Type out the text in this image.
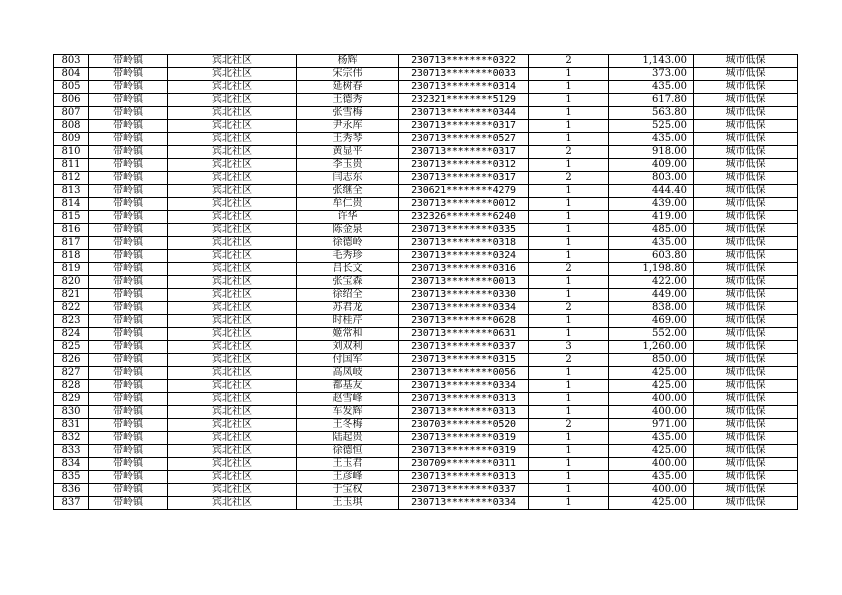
803	带岭镇	宾北社区	杨辉	230713********0322	2	1,143.00	城市低保
804	带岭镇	宾北社区	宋宗伟	230713********0033	1	373.00	城市低保
805	带岭镇	宾北社区	延树春	230713********0314	1	435.00	城市低保
806	带岭镇	宾北社区	王德秀	232321********5129	1	617.80	城市低保
807	带岭镇	宾北社区	张雪梅	230713********0344	1	563.80	城市低保
808	带岭镇	宾北社区	尹永库	230713********0317	1	525.00	城市低保
809	带岭镇	宾北社区	王秀琴	230713********0527	1	435.00	城市低保
810	带岭镇	宾北社区	黄显平	230713********0317	2	918.00	城市低保
811	带岭镇	宾北社区	李玉贵	230713********0312	1	409.00	城市低保
812	带岭镇	宾北社区	闫志东	230713********0317	2	803.00	城市低保
813	带岭镇	宾北社区	张继全	230621********4279	1	444.40	城市低保
814	带岭镇	宾北社区	牟仁贵	230713********0012	1	439.00	城市低保
815	带岭镇	宾北社区	许华	232326********6240	1	419.00	城市低保
816	带岭镇	宾北社区	陈金泉	230713********0335	1	485.00	城市低保
817	带岭镇	宾北社区	徐德岭	230713********0318	1	435.00	城市低保
818	带岭镇	宾北社区	毛秀珍	230713********0324	1	603.80	城市低保
819	带岭镇	宾北社区	吕长文	230713********0316	2	1,198.80	城市低保
820	带岭镇	宾北社区	张宝森	230713********0013	1	422.00	城市低保
821	带岭镇	宾北社区	徐绍全	230713********0330	1	449.00	城市低保
822	带岭镇	宾北社区	苏君龙	230713********0334	2	838.00	城市低保
823	带岭镇	宾北社区	时桂芹	230713********0628	1	469.00	城市低保
824	带岭镇	宾北社区	姬常和	230713********0631	1	552.00	城市低保
825	带岭镇	宾北社区	刘双利	230713********0337	3	1,260.00	城市低保
826	带岭镇	宾北社区	付国军	230713********0315	2	850.00	城市低保
827	带岭镇	宾北社区	高凤岐	230713********0056	1	425.00	城市低保
828	带岭镇	宾北社区	都基友	230713********0334	1	425.00	城市低保
829	带岭镇	宾北社区	赵雪峰	230713********0313	1	400.00	城市低保
830	带岭镇	宾北社区	车发辉	230713********0313	1	400.00	城市低保
831	带岭镇	宾北社区	王冬梅	230703********0520	2	971.00	城市低保
832	带岭镇	宾北社区	陆起贵	230713********0319	1	435.00	城市低保
833	带岭镇	宾北社区	徐德恒	230713********0319	1	425.00	城市低保
834	带岭镇	宾北社区	王玉君	230709********0311	1	400.00	城市低保
835	带岭镇	宾北社区	王彦峰	230713********0313	1	435.00	城市低保
836	带岭镇	宾北社区	于宝权	230713********0337	1	400.00	城市低保
837	带岭镇	宾北社区	王玉琪	230713********0334	1	425.00	城市低保
